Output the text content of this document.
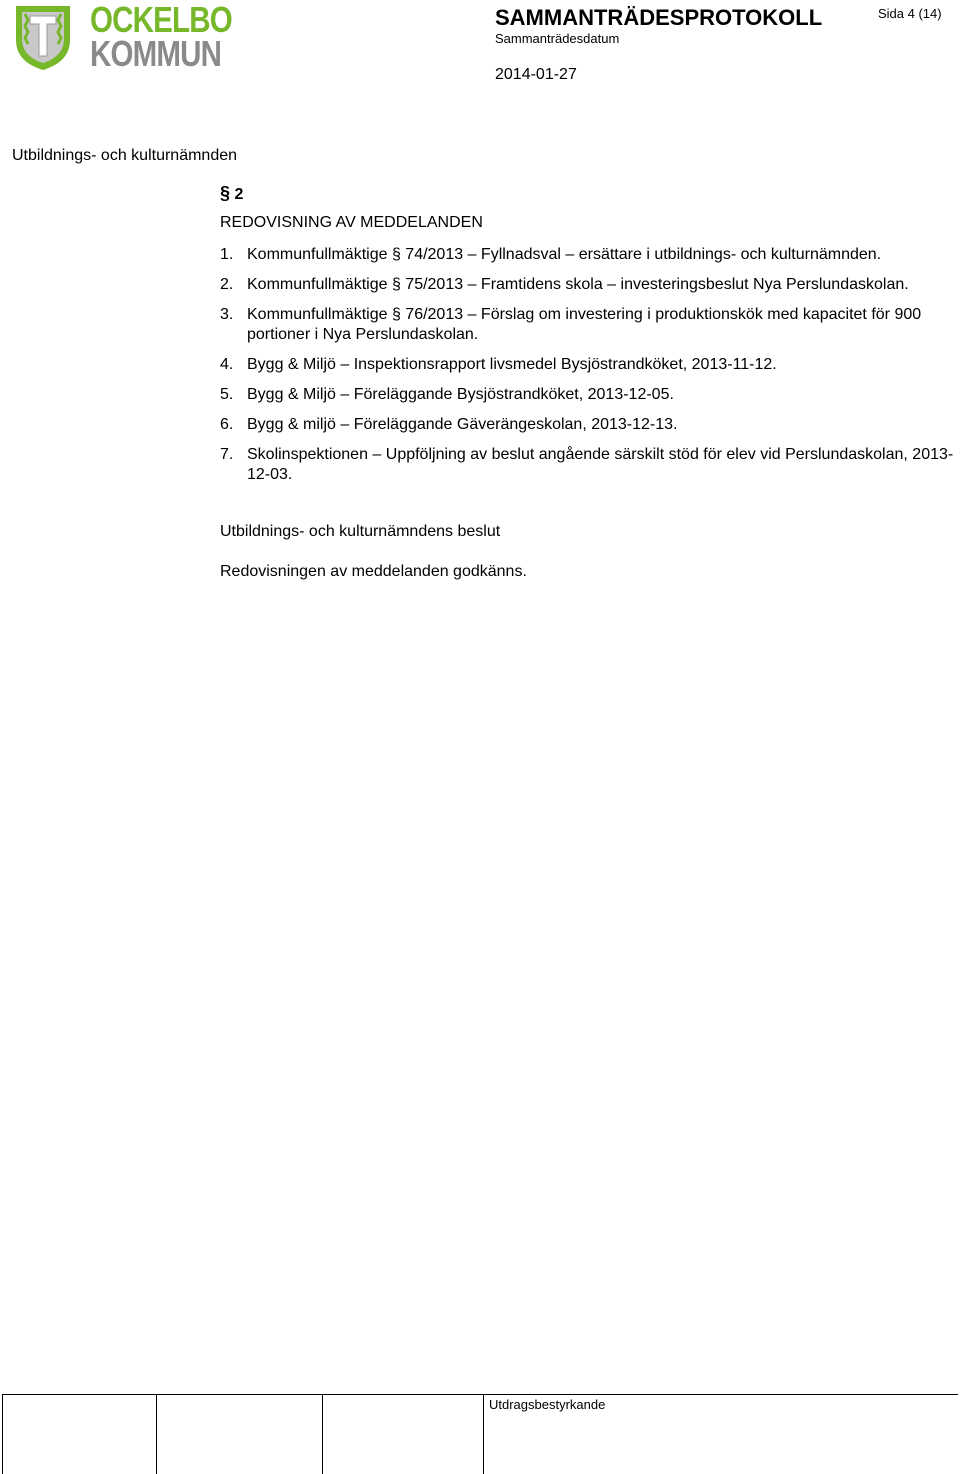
OCKELBO
KOMMUN
SAMMANTRÄDESPROTOKOLL
Sammanträdesdatum
2014-01-27
Sida 4 (14)
Utbildnings- och kulturnämnden
§ 2
REDOVISNING AV MEDDELANDEN
1. Kommunfullmäktige § 74/2013 – Fyllnadsval – ersättare i utbildnings- och kulturnämnden.
2. Kommunfullmäktige § 75/2013 – Framtidens skola – investeringsbeslut Nya Perslundaskolan.
3. Kommunfullmäktige § 76/2013 – Förslag om investering i produktionskök med kapacitet för 900 portioner i Nya Perslundaskolan.
4. Bygg & Miljö – Inspektionsrapport livsmedel Bysjöstrandköket, 2013-11-12.
5. Bygg & Miljö – Föreläggande Bysjöstrandköket, 2013-12-05.
6. Bygg & miljö – Föreläggande Gäverängeskolan, 2013-12-13.
7. Skolinspektionen – Uppföljning av beslut angående särskilt stöd för elev vid Perslundaskolan, 2013-12-03.
Utbildnings- och kulturnämndens beslut
Redovisningen av meddelanden godkänns.
Utdragsbestyrkande
